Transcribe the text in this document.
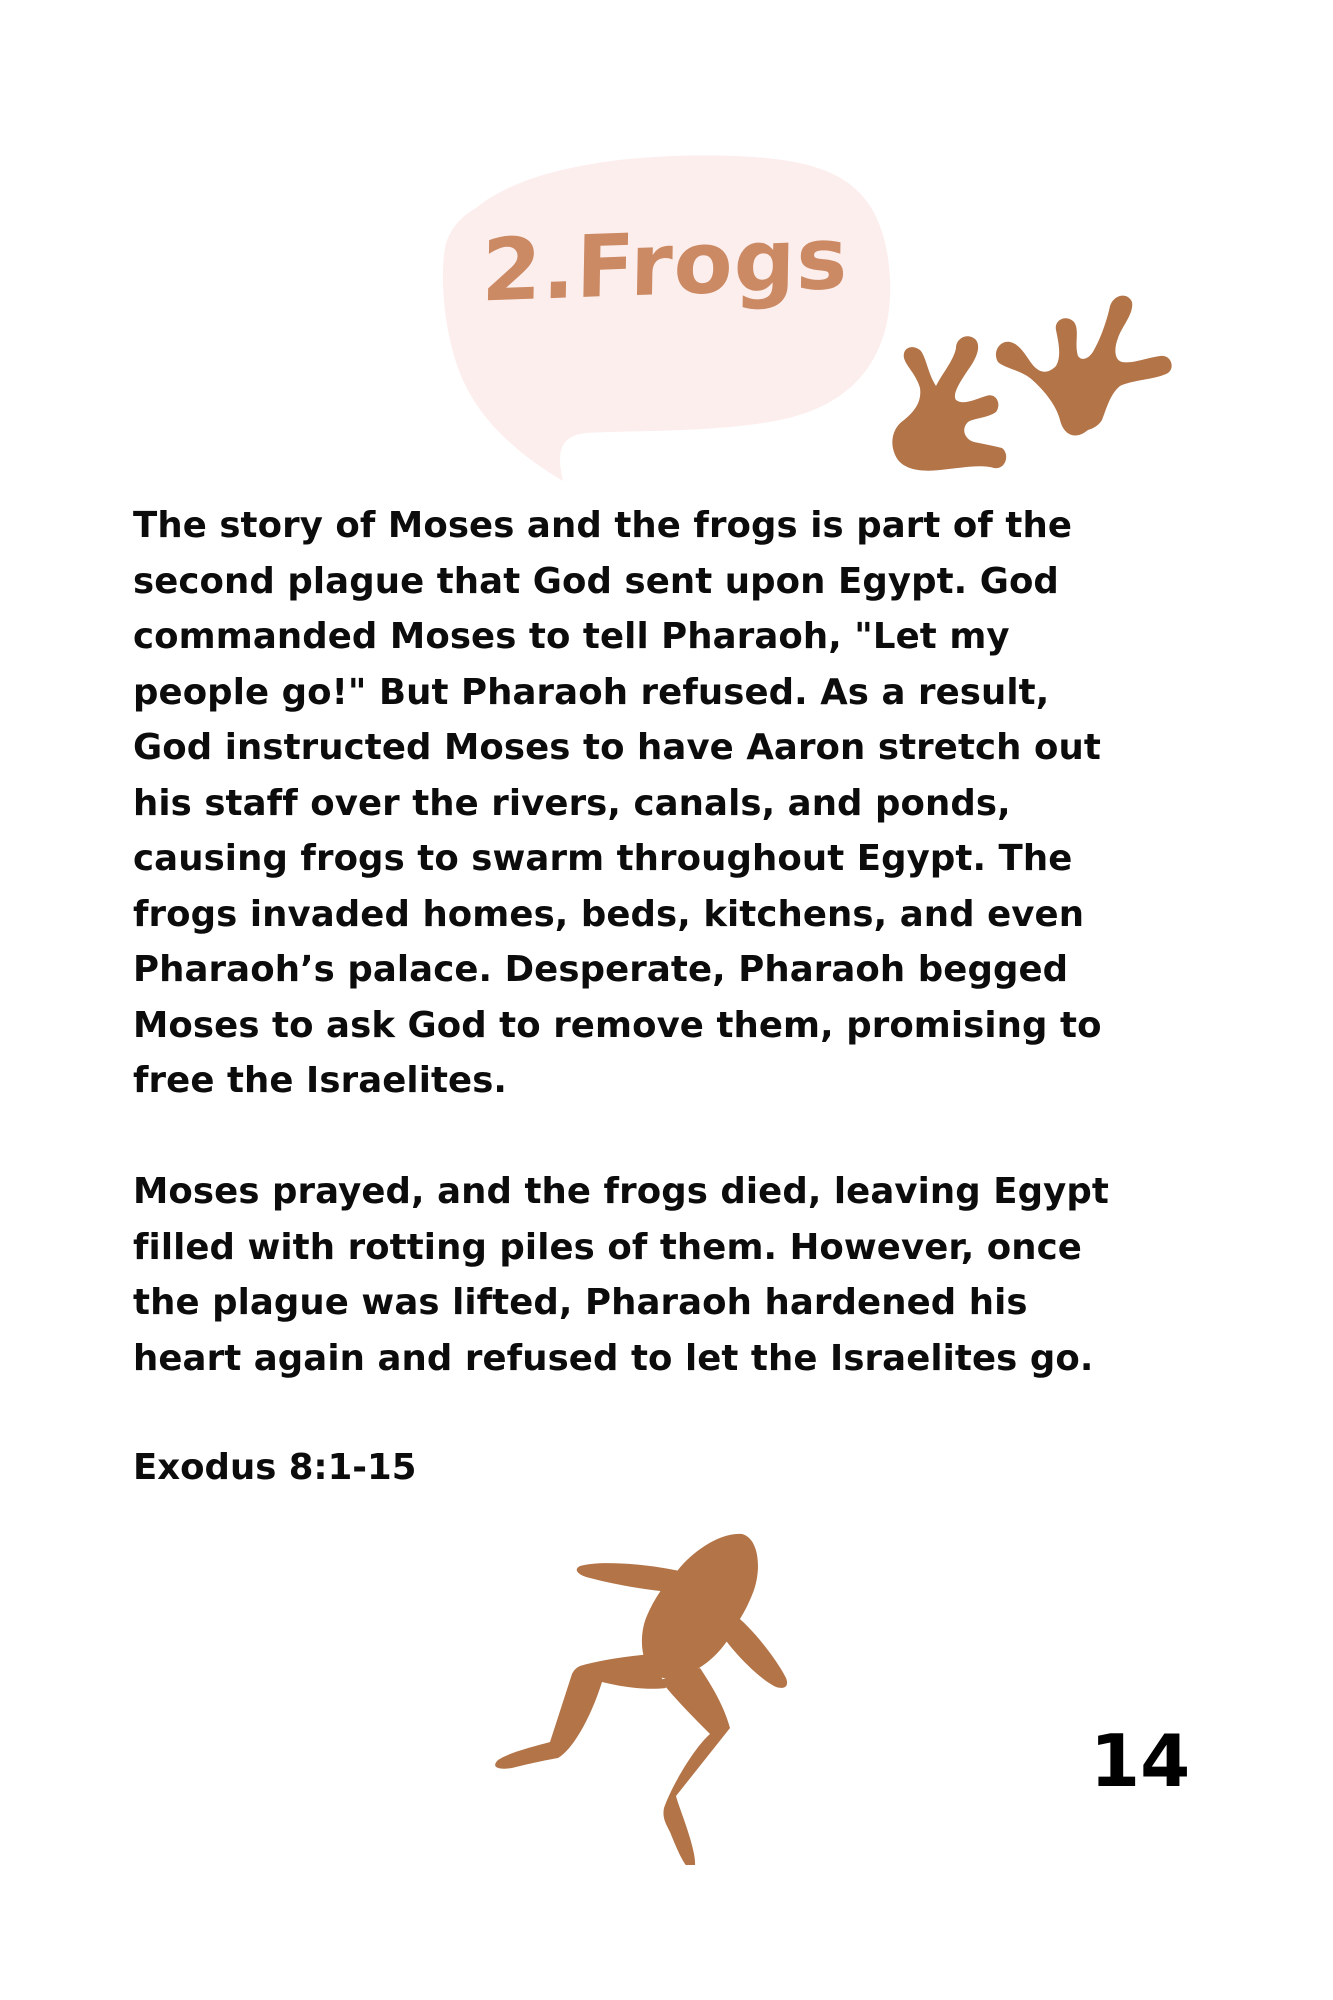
2.Frogs

The story of Moses and the frogs is part of the
second plague that God sent upon Egypt. God
commanded Moses to tell Pharaoh, "Let my
people go!" But Pharaoh refused. As a result,
God instructed Moses to have Aaron stretch out
his staff over the rivers, canals, and ponds,
causing frogs to swarm throughout Egypt. The
frogs invaded homes, beds, kitchens, and even
Pharaoh’s palace. Desperate, Pharaoh begged
Moses to ask God to remove them, promising to
free the Israelites.

Moses prayed, and the frogs died, leaving Egypt
filled with rotting piles of them. However, once
the plague was lifted, Pharaoh hardened his
heart again and refused to let the Israelites go.

Exodus 8:1-15
14
